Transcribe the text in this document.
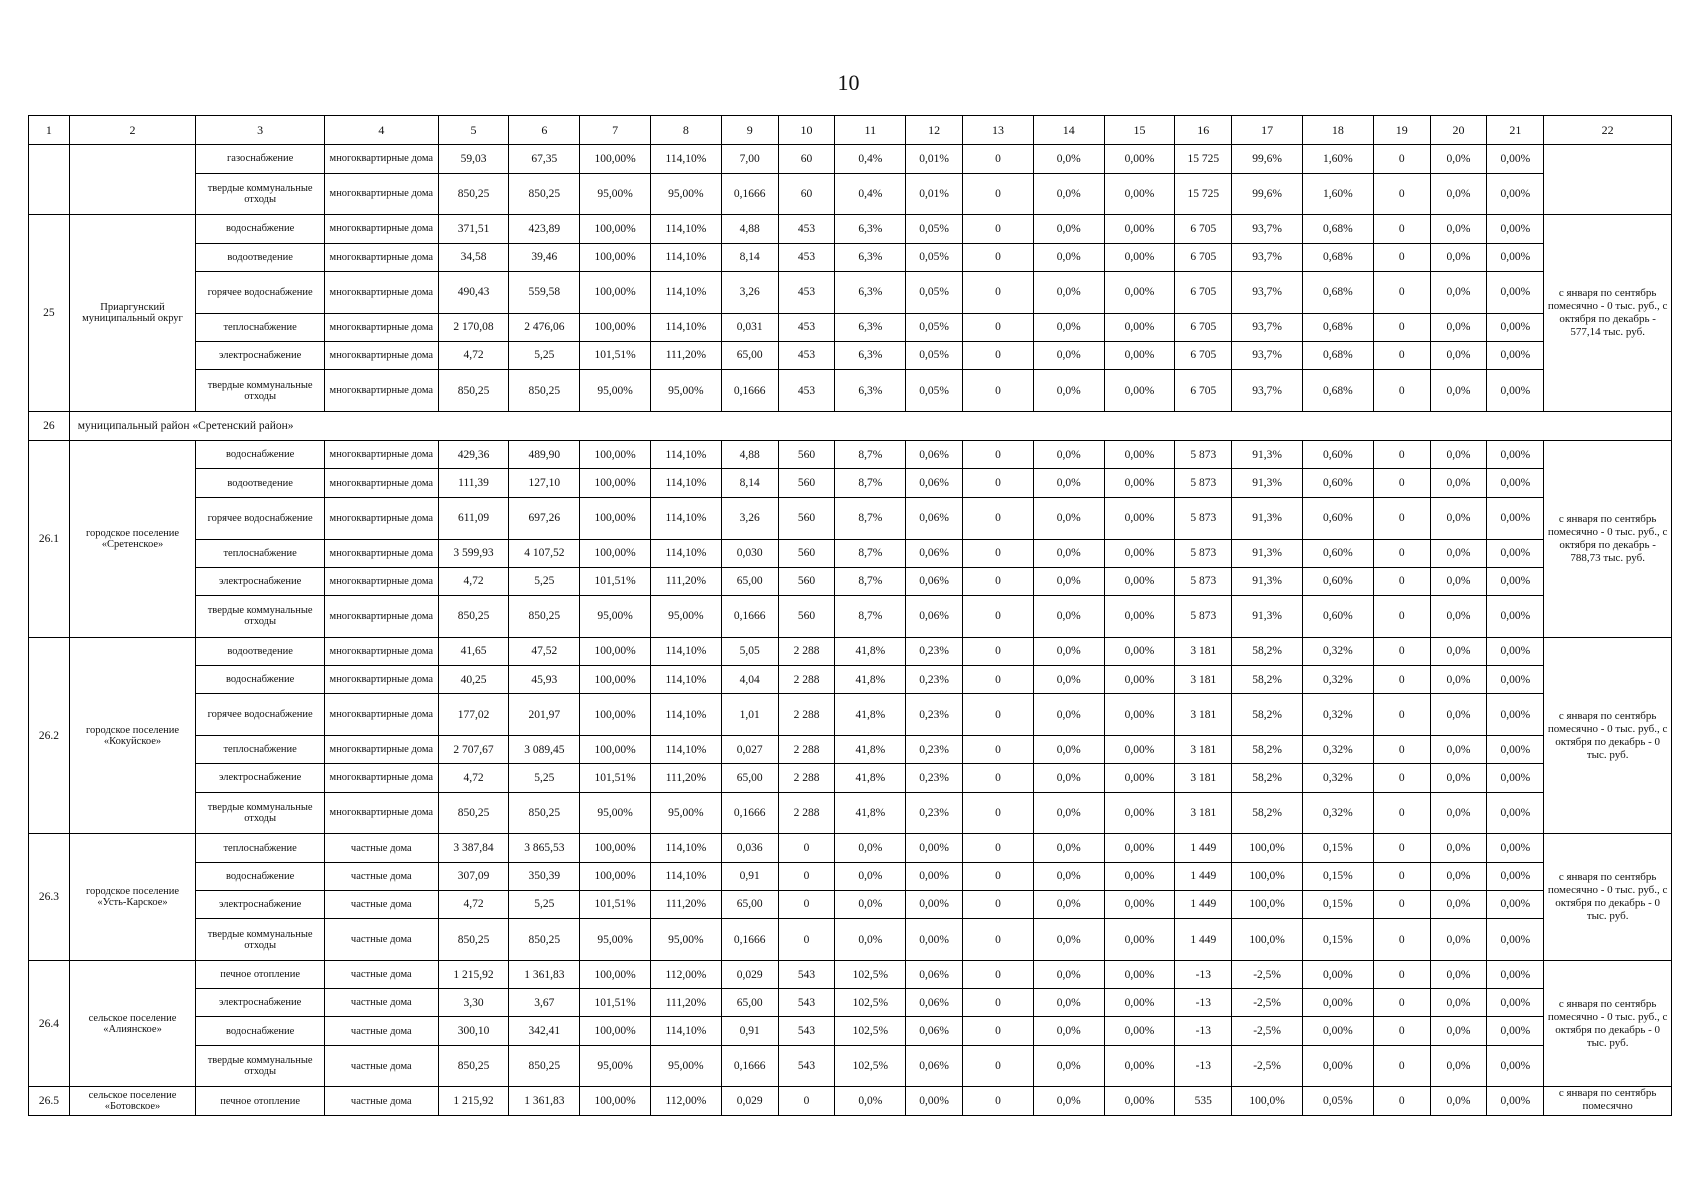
10
1	2	3	4	5	6	7	8	9	10	11	12	13	14	15	16	17	18	19	20	21	22
		газоснабжение	многоквартирные дома	59,03	67,35	100,00%	114,10%	7,00	60	0,4%	0,01%	0	0,0%	0,00%	15 725	99,6%	1,60%	0	0,0%	0,00%	
		твердые коммунальные отходы	многоквартирные дома	850,25	850,25	95,00%	95,00%	0,1666	60	0,4%	0,01%	0	0,0%	0,00%	15 725	99,6%	1,60%	0	0,0%	0,00%	
25	Приаргунский муниципальный округ	водоснабжение	многоквартирные дома	371,51	423,89	100,00%	114,10%	4,88	453	6,3%	0,05%	0	0,0%	0,00%	6 705	93,7%	0,68%	0	0,0%	0,00%	с января по сентябрь помесячно - 0 тыс. руб., с октября по декабрь - 577,14 тыс. руб.
		водоотведение	многоквартирные дома	34,58	39,46	100,00%	114,10%	8,14	453	6,3%	0,05%	0	0,0%	0,00%	6 705	93,7%	0,68%	0	0,0%	0,00%	
		горячее водоснабжение	многоквартирные дома	490,43	559,58	100,00%	114,10%	3,26	453	6,3%	0,05%	0	0,0%	0,00%	6 705	93,7%	0,68%	0	0,0%	0,00%	
		теплоснабжение	многоквартирные дома	2 170,08	2 476,06	100,00%	114,10%	0,031	453	6,3%	0,05%	0	0,0%	0,00%	6 705	93,7%	0,68%	0	0,0%	0,00%	
		электроснабжение	многоквартирные дома	4,72	5,25	101,51%	111,20%	65,00	453	6,3%	0,05%	0	0,0%	0,00%	6 705	93,7%	0,68%	0	0,0%	0,00%	
		твердые коммунальные отходы	многоквартирные дома	850,25	850,25	95,00%	95,00%	0,1666	453	6,3%	0,05%	0	0,0%	0,00%	6 705	93,7%	0,68%	0	0,0%	0,00%	
26	муниципальный район «Сретенский район»																				
26.1	городское поселение «Сретенское»	водоснабжение	многоквартирные дома	429,36	489,90	100,00%	114,10%	4,88	560	8,7%	0,06%	0	0,0%	0,00%	5 873	91,3%	0,60%	0	0,0%	0,00%	с января по сентябрь помесячно - 0 тыс. руб., с октября по декабрь - 788,73 тыс. руб.
		водоотведение	многоквартирные дома	111,39	127,10	100,00%	114,10%	8,14	560	8,7%	0,06%	0	0,0%	0,00%	5 873	91,3%	0,60%	0	0,0%	0,00%	
		горячее водоснабжение	многоквартирные дома	611,09	697,26	100,00%	114,10%	3,26	560	8,7%	0,06%	0	0,0%	0,00%	5 873	91,3%	0,60%	0	0,0%	0,00%	
		теплоснабжение	многоквартирные дома	3 599,93	4 107,52	100,00%	114,10%	0,030	560	8,7%	0,06%	0	0,0%	0,00%	5 873	91,3%	0,60%	0	0,0%	0,00%	
		электроснабжение	многоквартирные дома	4,72	5,25	101,51%	111,20%	65,00	560	8,7%	0,06%	0	0,0%	0,00%	5 873	91,3%	0,60%	0	0,0%	0,00%	
		твердые коммунальные отходы	многоквартирные дома	850,25	850,25	95,00%	95,00%	0,1666	560	8,7%	0,06%	0	0,0%	0,00%	5 873	91,3%	0,60%	0	0,0%	0,00%	
26.2	городское поселение «Кокуйское»	водоотведение	многоквартирные дома	41,65	47,52	100,00%	114,10%	5,05	2 288	41,8%	0,23%	0	0,0%	0,00%	3 181	58,2%	0,32%	0	0,0%	0,00%	с января по сентябрь помесячно - 0 тыс. руб., с октября по декабрь - 0 тыс. руб.
		водоснабжение	многоквартирные дома	40,25	45,93	100,00%	114,10%	4,04	2 288	41,8%	0,23%	0	0,0%	0,00%	3 181	58,2%	0,32%	0	0,0%	0,00%	
		горячее водоснабжение	многоквартирные дома	177,02	201,97	100,00%	114,10%	1,01	2 288	41,8%	0,23%	0	0,0%	0,00%	3 181	58,2%	0,32%	0	0,0%	0,00%	
		теплоснабжение	многоквартирные дома	2 707,67	3 089,45	100,00%	114,10%	0,027	2 288	41,8%	0,23%	0	0,0%	0,00%	3 181	58,2%	0,32%	0	0,0%	0,00%	
		электроснабжение	многоквартирные дома	4,72	5,25	101,51%	111,20%	65,00	2 288	41,8%	0,23%	0	0,0%	0,00%	3 181	58,2%	0,32%	0	0,0%	0,00%	
		твердые коммунальные отходы	многоквартирные дома	850,25	850,25	95,00%	95,00%	0,1666	2 288	41,8%	0,23%	0	0,0%	0,00%	3 181	58,2%	0,32%	0	0,0%	0,00%	
26.3	городское поселение «Усть-Карское»	теплоснабжение	частные дома	3 387,84	3 865,53	100,00%	114,10%	0,036	0	0,0%	0,00%	0	0,0%	0,00%	1 449	100,0%	0,15%	0	0,0%	0,00%	с января по сентябрь помесячно - 0 тыс. руб., с октября по декабрь - 0 тыс. руб.
		водоснабжение	частные дома	307,09	350,39	100,00%	114,10%	0,91	0	0,0%	0,00%	0	0,0%	0,00%	1 449	100,0%	0,15%	0	0,0%	0,00%	
		электроснабжение	частные дома	4,72	5,25	101,51%	111,20%	65,00	0	0,0%	0,00%	0	0,0%	0,00%	1 449	100,0%	0,15%	0	0,0%	0,00%	
		твердые коммунальные отходы	частные дома	850,25	850,25	95,00%	95,00%	0,1666	0	0,0%	0,00%	0	0,0%	0,00%	1 449	100,0%	0,15%	0	0,0%	0,00%	
26.4	сельское поселение «Алиянское»	печное отопление	частные дома	1 215,92	1 361,83	100,00%	112,00%	0,029	543	102,5%	0,06%	0	0,0%	0,00%	-13	-2,5%	0,00%	0	0,0%	0,00%	с января по сентябрь помесячно - 0 тыс. руб., с октября по декабрь - 0 тыс. руб.
		электроснабжение	частные дома	3,30	3,67	101,51%	111,20%	65,00	543	102,5%	0,06%	0	0,0%	0,00%	-13	-2,5%	0,00%	0	0,0%	0,00%	
		водоснабжение	частные дома	300,10	342,41	100,00%	114,10%	0,91	543	102,5%	0,06%	0	0,0%	0,00%	-13	-2,5%	0,00%	0	0,0%	0,00%	
		твердые коммунальные отходы	частные дома	850,25	850,25	95,00%	95,00%	0,1666	543	102,5%	0,06%	0	0,0%	0,00%	-13	-2,5%	0,00%	0	0,0%	0,00%	
26.5	сельское поселение «Ботовское»	печное отопление	частные дома	1 215,92	1 361,83	100,00%	112,00%	0,029	0	0,0%	0,00%	0	0,0%	0,00%	535	100,0%	0,05%	0	0,0%	0,00%	с января по сентябрь помесячно
